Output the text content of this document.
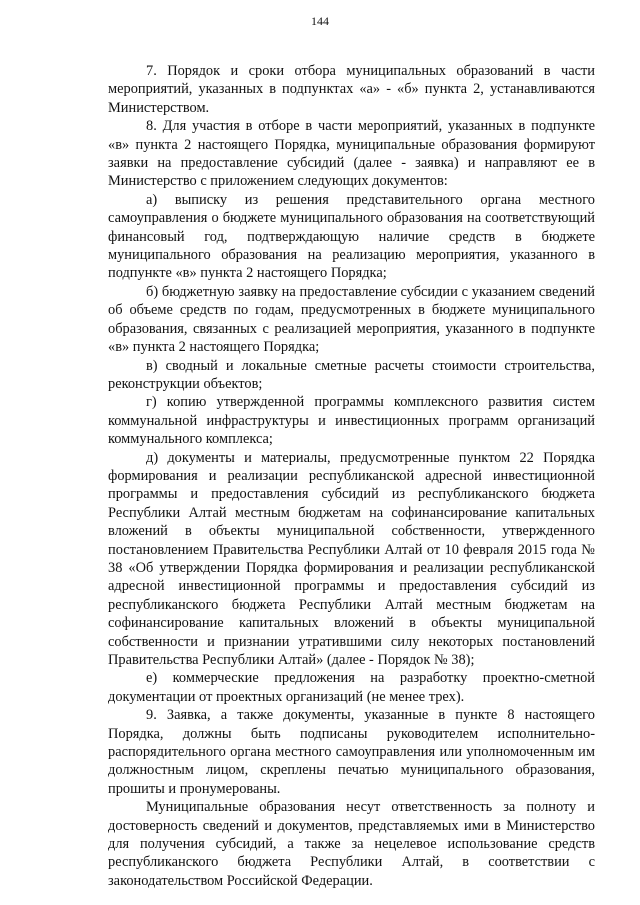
144

7. Порядок и сроки отбора муниципальных образований в части мероприятий, указанных в подпунктах «а» - «б» пункта 2, устанавливаются Министерством.

8. Для участия в отборе в части мероприятий, указанных в подпункте «в» пункта 2 настоящего Порядка, муниципальные образования формируют заявки на предоставление субсидий (далее - заявка) и направляют ее в Министерство с приложением следующих документов:

а) выписку из решения представительного органа местного самоуправления о бюджете муниципального образования на соответствующий финансовый год, подтверждающую наличие средств в бюджете муниципального образования на реализацию мероприятия, указанного в подпункте «в» пункта 2 настоящего Порядка;

б) бюджетную заявку на предоставление субсидии с указанием сведений об объеме средств по годам, предусмотренных в бюджете муниципального образования, связанных с реализацией мероприятия, указанного в подпункте «в» пункта 2 настоящего Порядка;

в) сводный и локальные сметные расчеты стоимости строительства, реконструкции объектов;

г) копию утвержденной программы комплексного развития систем коммунальной инфраструктуры и инвестиционных программ организаций коммунального комплекса;

д) документы и материалы, предусмотренные пунктом 22 Порядка формирования и реализации республиканской адресной инвестиционной программы и предоставления субсидий из республиканского бюджета Республики Алтай местным бюджетам на софинансирование капитальных вложений в объекты муниципальной собственности, утвержденного постановлением Правительства Республики Алтай от 10 февраля 2015 года № 38 «Об утверждении Порядка формирования и реализации республиканской адресной инвестиционной программы и предоставления субсидий из республиканского бюджета Республики Алтай местным бюджетам на софинансирование капитальных вложений в объекты муниципальной собственности и признании утратившими силу некоторых постановлений Правительства Республики Алтай» (далее - Порядок № 38);

е) коммерческие предложения на разработку проектно-сметной документации от проектных организаций (не менее трех).

9. Заявка, а также документы, указанные в пункте 8 настоящего Порядка, должны быть подписаны руководителем исполнительно-распорядительного органа местного самоуправления или уполномоченным им должностным лицом, скреплены печатью муниципального образования, прошиты и пронумерованы.

Муниципальные образования несут ответственность за полноту и достоверность сведений и документов, представляемых ими в Министерство для получения субсидий, а также за нецелевое использование средств республиканского бюджета Республики Алтай, в соответствии с законодательством Российской Федерации.
